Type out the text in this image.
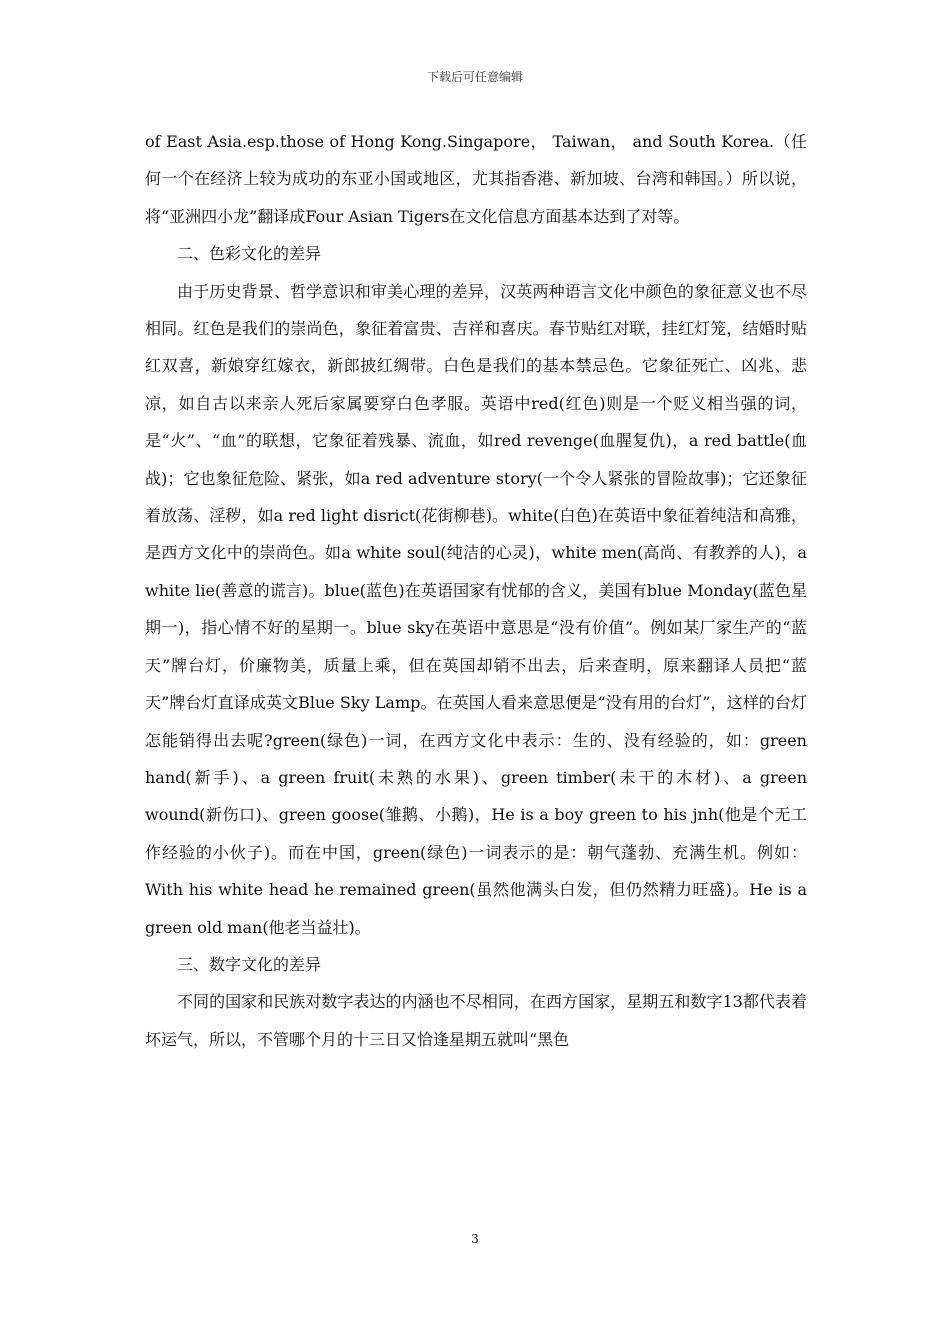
下载后可任意编辑

of East Asia.esp.those of Hong Kong.Singapore， Taiwan， and South Korea.（任何一个在经济上较为成功的东亚小国或地区，尤其指香港、新加坡、台湾和韩国。）所以说，将“亚洲四小龙”翻译成Four Asian Tigers在文化信息方面基本达到了对等。

二、色彩文化的差异

由于历史背景、哲学意识和审美心理的差异，汉英两种语言文化中颜色的象征意义也不尽相同。红色是我们的崇尚色，象征着富贵、吉祥和喜庆。春节贴红对联，挂红灯笼，结婚时贴红双喜，新娘穿红嫁衣，新郎披红绸带。白色是我们的基本禁忌色。它象征死亡、凶兆、悲凉，如自古以来亲人死后家属要穿白色孝服。英语中red(红色)则是一个贬义相当强的词，是“火”、“血”的联想，它象征着残暴、流血，如red revenge(血腥复仇)，a red battle(血战)；它也象征危险、紧张，如a red adventure story(一个令人紧张的冒险故事)；它还象征着放荡、淫秽，如a red light disrict(花街柳巷)。white(白色)在英语中象征着纯洁和高雅，是西方文化中的崇尚色。如a white soul(纯洁的心灵)，white men(高尚、有教养的人)，a white lie(善意的谎言)。blue(蓝色)在英语国家有忧郁的含义，美国有blue Monday(蓝色星期一)，指心情不好的星期一。blue sky在英语中意思是“没有价值”。例如某厂家生产的“蓝天”牌台灯，价廉物美，质量上乘，但在英国却销不出去，后来查明，原来翻译人员把“蓝天”牌台灯直译成英文Blue Sky Lamp。在英国人看来意思便是“没有用的台灯”，这样的台灯怎能销得出去呢?green(绿色)一词，在西方文化中表示：生的、没有经验的，如：green hand(新手)、a green fruit(未熟的水果)、green timber(未干的木材)、a green wound(新伤口)、green goose(雏鹅、小鹅)，He is a boy green to his jnh(他是个无工作经验的小伙子)。而在中国，green(绿色)一词表示的是：朝气蓬勃、充满生机。例如：With his white head he remained green(虽然他满头白发，但仍然精力旺盛)。He is a green old man(他老当益壮)。

三、数字文化的差异

不同的国家和民族对数字表达的内涵也不尽相同，在西方国家，星期五和数字13都代表着坏运气，所以，不管哪个月的十三日又恰逢星期五就叫“黑色

3
